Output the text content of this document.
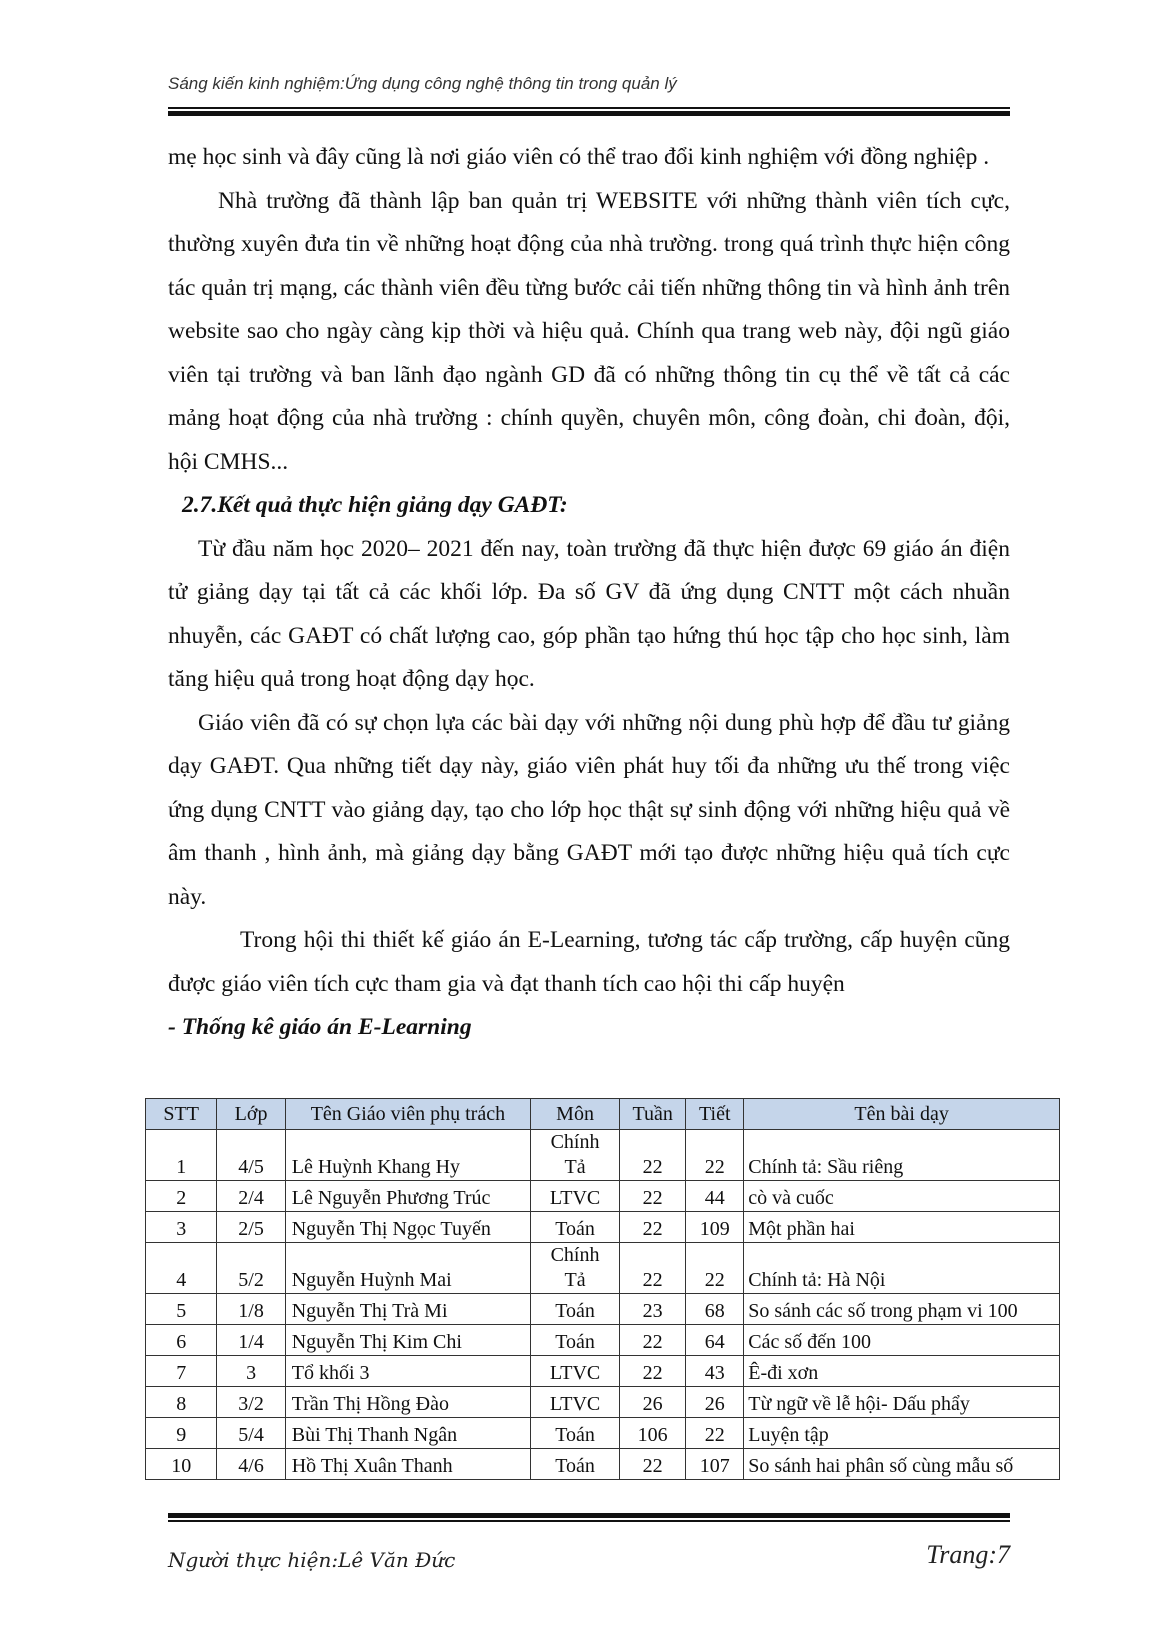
Sáng kiến kinh nghiệm:Ứng dụng công nghệ thông tin trong quản lý

mẹ học sinh và đây cũng là nơi giáo viên có thể trao đổi kinh nghiệm với đồng nghiệp .

Nhà trường đã thành lập ban quản trị WEBSITE với những thành viên tích cực, thường xuyên đưa tin về những hoạt động của nhà trường. trong quá trình thực hiện công tác quản trị mạng, các thành viên đều từng bước cải tiến những thông tin và hình ảnh trên website sao cho ngày càng kịp thời và hiệu quả. Chính qua trang web này, đội ngũ giáo viên tại trường và ban lãnh đạo ngành GD đã có những thông tin cụ thể về tất cả các mảng hoạt động của nhà trường : chính quyền, chuyên môn, công đoàn, chi đoàn, đội, hội CMHS...

2.7.Kết quả thực hiện giảng dạy GAĐT:

Từ đầu năm học 2020– 2021 đến nay, toàn trường đã thực hiện được 69 giáo án điện tử giảng dạy tại tất cả các khối lớp. Đa số GV đã ứng dụng CNTT một cách nhuần nhuyễn, các GAĐT có chất lượng cao, góp phần tạo hứng thú học tập cho học sinh, làm tăng hiệu quả trong hoạt động dạy học.

Giáo viên đã có sự chọn lựa các bài dạy với những nội dung phù hợp để đầu tư giảng dạy GAĐT. Qua những tiết dạy này, giáo viên phát huy tối đa những ưu thế trong việc ứng dụng CNTT vào giảng dạy, tạo cho lớp học thật sự sinh động với những hiệu quả về âm thanh , hình ảnh, mà giảng dạy bằng GAĐT mới tạo được những hiệu quả tích cực này.

Trong hội thi thiết kế giáo án E-Learning, tương tác cấp trường, cấp huyện cũng được giáo viên tích cực tham gia và đạt thanh tích cao hội thi cấp huyện

- Thống kê giáo án E-Learning

STT	Lớp	Tên Giáo viên phụ trách	Môn	Tuần	Tiết	Tên bài dạy
1	4/5	Lê Huỳnh Khang Hy	Chính Tả	22	22	Chính tả: Sầu riêng
2	2/4	Lê Nguyễn Phương Trúc	LTVC	22	44	cò và cuốc
3	2/5	Nguyễn Thị Ngọc Tuyến	Toán	22	109	Một phần hai
4	5/2	Nguyễn Huỳnh Mai	Chính Tả	22	22	Chính tả: Hà Nội
5	1/8	Nguyễn Thị Trà Mi	Toán	23	68	So sánh các số trong phạm vi 100
6	1/4	Nguyễn Thị Kim Chi	Toán	22	64	Các số đến 100
7	3	Tổ khối 3	LTVC	22	43	Ê-đi xơn
8	3/2	Trần Thị Hồng Đào	LTVC	26	26	Từ ngữ về lễ hội- Dấu phẩy
9	5/4	Bùi Thị Thanh Ngân	Toán	106	22	Luyện tập
10	4/6	Hồ Thị Xuân Thanh	Toán	22	107	So sánh hai phân số cùng mẫu số
Người thực hiện:Lê Văn Đức	Trang:7
